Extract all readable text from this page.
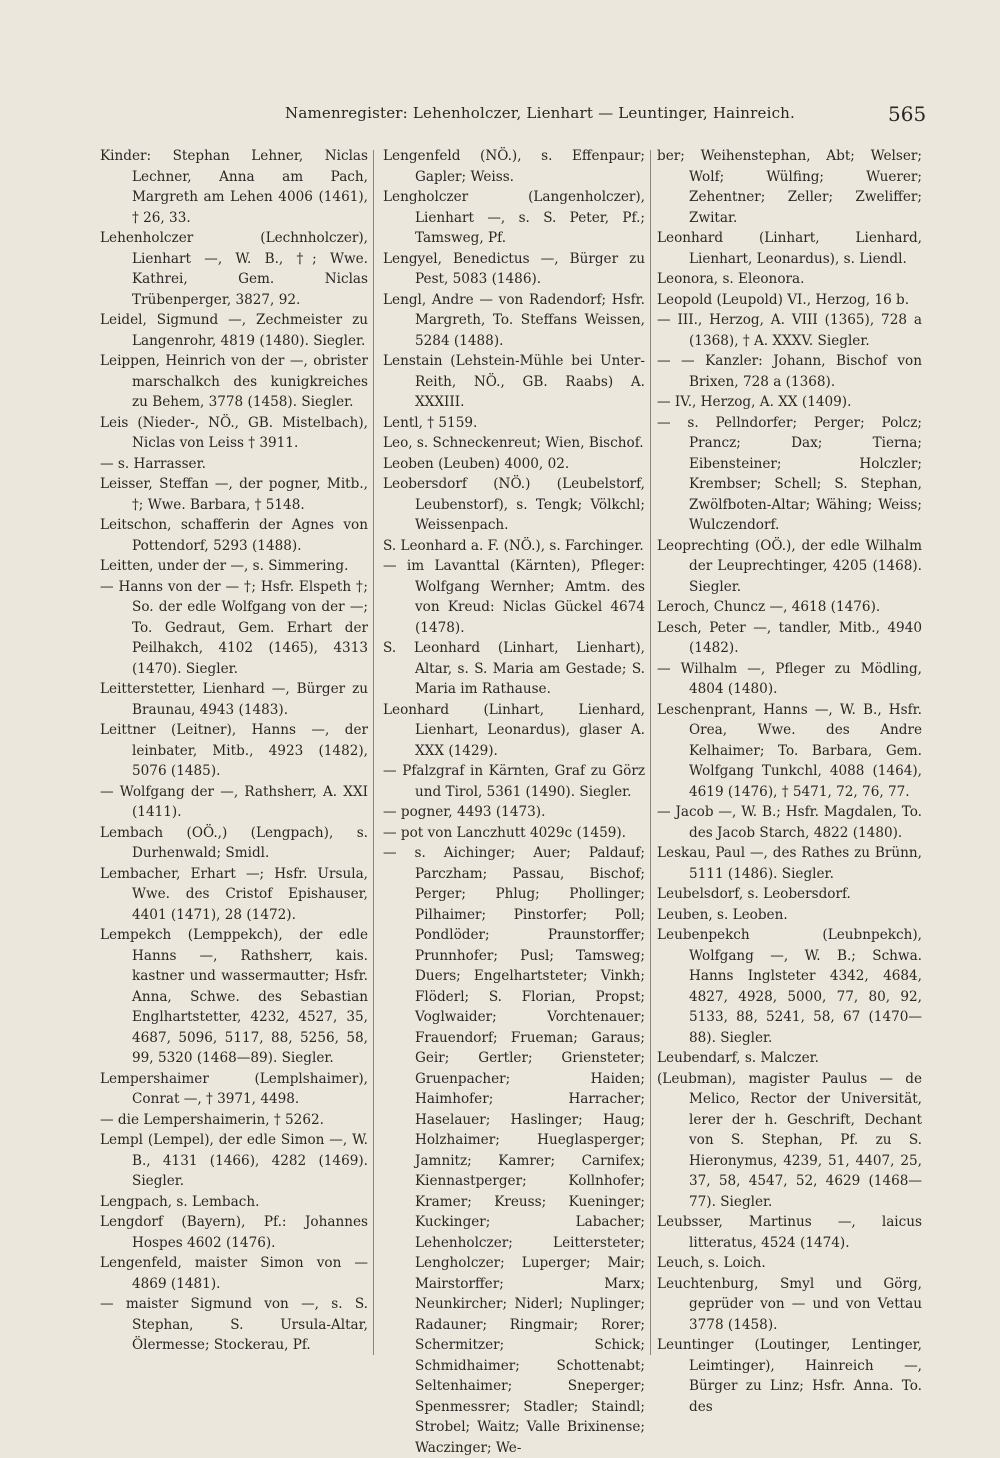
Namenregister: Lehenholczer, Lienhart — Leuntinger, Hainreich.	565

Kinder: Stephan Lehner, Niclas Lechner, Anna am Pach, Margreth am Lehen 4006 (1461), † 26, 33.

Lehenholczer (Lechnholczer), Lienhart —, W. B., †; Wwe. Kathrei, Gem. Niclas Trübenperger, 3827, 92.

Leidel, Sigmund —, Zechmeister zu Langenrohr, 4819 (1480). Siegler.

Leippen, Heinrich von der —, obrister marschalkch des kunigkreiches zu Behem, 3778 (1458). Siegler.

Leis (Nieder-, NÖ., GB. Mistelbach), Niclas von Leiss † 3911.

— s. Harrasser.

Leisser, Steffan —, der pogner, Mitb., †; Wwe. Barbara, † 5148.

Leitschon, schafferin der Agnes von Pottendorf, 5293 (1488).

Leitten, under der —, s. Simmering.

— Hanns von der — †; Hsfr. Elspeth †; So. der edle Wolfgang von der —; To. Gedraut, Gem. Erhart der Peilhakch, 4102 (1465), 4313 (1470). Siegler.

Leitterstetter, Lienhard —, Bürger zu Braunau, 4943 (1483).

Leittner (Leitner), Hanns —, der leinbater, Mitb., 4923 (1482), 5076 (1485).

— Wolfgang der —, Rathsherr, A. XXI (1411).

Lembach (OÖ.,) (Lengpach), s. Durhenwald; Smidl.

Lembacher, Erhart —; Hsfr. Ursula, Wwe. des Cristof Epishauser, 4401 (1471), 28 (1472).

Lempekch (Lemppekch), der edle Hanns —, Rathsherr, kais. kastner und wassermautter; Hsfr. Anna, Schwe. des Sebastian Englhartstetter, 4232, 4527, 35, 4687, 5096, 5117, 88, 5256, 58, 99, 5320 (1468—89). Siegler.

Lempershaimer (Lemplshaimer), Conrat —, † 3971, 4498.

— die Lempershaimerin, † 5262.

Lempl (Lempel), der edle Simon —, W. B., 4131 (1466), 4282 (1469). Siegler.

Lengpach, s. Lembach.

Lengdorf (Bayern), Pf.: Johannes Hospes 4602 (1476).

Lengenfeld, maister Simon von — 4869 (1481).

— maister Sigmund von —, s. S. Stephan, S. Ursula-Altar, Ölermesse; Stockerau, Pf.

Lengenfeld (NÖ.), s. Effenpaur; Gapler; Weiss.

Lengholczer (Langenholczer), Lienhart —, s. S. Peter, Pf.; Tamsweg, Pf.

Lengyel, Benedictus —, Bürger zu Pest, 5083 (1486).

Lengl, Andre — von Radendorf; Hsfr. Margreth, To. Steffans Weissen, 5284 (1488).

Lenstain (Lehstein-Mühle bei Unter-Reith, NÖ., GB. Raabs) A. XXXIII.

Lentl, † 5159.

Leo, s. Schneckenreut; Wien, Bischof.

Leoben (Leuben) 4000, 02.

Leobersdorf (NÖ.) (Leubelstorf, Leubenstorf), s. Tengk; Völkchl; Weissenpach.

S. Leonhard a. F. (NÖ.), s. Farchinger.

— im Lavanttal (Kärnten), Pfleger: Wolfgang Wernher; Amtm. des von Kreud: Niclas Gückel 4674 (1478).

S. Leonhard (Linhart, Lienhart), Altar, s. S. Maria am Gestade; S. Maria im Rathause.

Leonhard (Linhart, Lienhard, Lienhart, Leonardus), glaser A. XXX (1429).

— Pfalzgraf in Kärnten, Graf zu Görz und Tirol, 5361 (1490). Siegler.

— pogner, 4493 (1473).

— pot von Lanczhutt 4029c (1459).

— s. Aichinger; Auer; Paldauf; Parczham; Passau, Bischof; Perger; Phlug; Phollinger; Pilhaimer; Pinstorfer; Poll; Pondlöder; Praunstorffer; Prunnhofer; Pusl; Tamsweg; Duers; Engelhartsteter; Vinkh; Flöderl; S. Florian, Propst; Voglwaider; Vorchtenauer; Frauendorf; Frueman; Garaus; Geir; Gertler; Griensteter; Gruenpacher; Haiden; Haimhofer; Harracher; Haselauer; Haslinger; Haug; Holzhaimer; Hueglasperger; Jamnitz; Kamrer; Carnifex; Kiennastperger; Kollnhofer; Kramer; Kreuss; Kueninger; Kuckinger; Labacher; Lehenholczer; Leitterstеter; Lengholczer; Luperger; Mair; Mairstorffer; Marx; Neunkircher; Niderl; Nuplinger; Radauner; Ringmair; Rorer; Schermitzer; Schick; Schmidhaimer; Schottenabt; Seltenhaimer; Sneperger; Spenmessrer; Stadler; Staindl; Strobel; Waitz; Valle Brixinense; Waczinger; We-

ber; Weihenstephan, Abt; Welser; Wolf; Wülfing; Wuerer; Zehentner; Zeller; Zweliffer; Zwitar.

Leonhard (Linhart, Lienhard, Lienhart, Leonardus), s. Liendl.

Leonora, s. Eleonora.

Leopold (Leupold) VI., Herzog, 16 b.

— III., Herzog, A. VIII (1365), 728 a (1368), † A. XXXV. Siegler.

— — Kanzler: Johann, Bischof von Brixen, 728 a (1368).

— IV., Herzog, A. XX (1409).

— s. Pellndorfer; Perger; Polcz; Prancz; Dax; Tierna; Eibensteiner; Holczler; Krembser; Schell; S. Stephan, Zwölfboten-Altar; Wähing; Weiss; Wulczendorf.

Leoprechting (OÖ.), der edle Wilhalm der Leuprechtinger, 4205 (1468). Siegler.

Leroch, Chuncz —, 4618 (1476).

Lesch, Peter —, tandler, Mitb., 4940 (1482).

— Wilhalm —, Pfleger zu Mödling, 4804 (1480).

Leschenprant, Hanns —, W. B., Hsfr. Orea, Wwe. des Andre Kelhaimer; To. Barbara, Gem. Wolfgang Tunkchl, 4088 (1464), 4619 (1476), † 5471, 72, 76, 77.

— Jacob —, W. B.; Hsfr. Magdalen, To. des Jacob Starch, 4822 (1480).

Leskau, Paul —, des Rathes zu Brünn, 5111 (1486). Siegler.

Leubelsdorf, s. Leobersdorf.

Leuben, s. Leoben.

Leubenpekch (Leubnpekch), Wolfgang —, W. B.; Schwa. Hanns Inglsteter 4342, 4684, 4827, 4928, 5000, 77, 80, 92, 5133, 88, 5241, 58, 67 (1470—88). Siegler.

Leubendarf, s. Malczer.

(Leubman), magister Paulus — de Melico, Rector der Universität, lerer der h. Geschrift, Dechant von S. Stephan, Pf. zu S. Hieronymus, 4239, 51, 4407, 25, 37, 58, 4547, 52, 4629 (1468—77). Siegler.

Leubsser, Martinus —, laicus litteratus, 4524 (1474).

Leuch, s. Loich.

Leuchtenburg, Smyl und Görg, geprüder von — und von Vettau 3778 (1458).

Leuntinger (Loutinger, Lentinger, Leimtinger), Hainreich —, Bürger zu Linz; Hsfr. Anna. To. des
